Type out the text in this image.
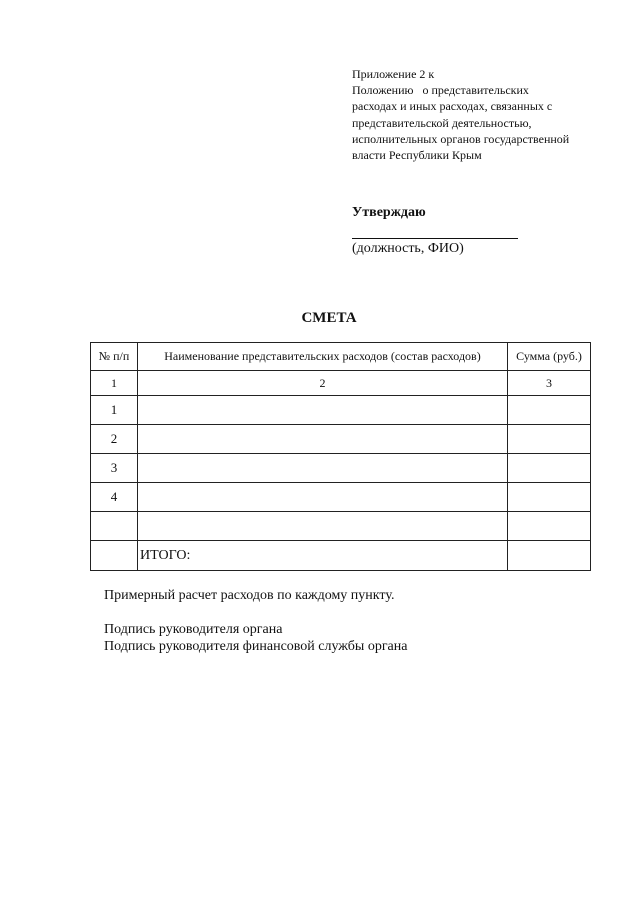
Приложение 2 к
Положению   о представительских
расходах и иных расходах, связанных с
представительской деятельностью,
исполнительных органов государственной
власти Республики Крым
Утверждаю
(должность, ФИО)
СМЕТА
№ п/п	Наименование представительских расходов (состав расходов)	Сумма (руб.)
1	2	3
1		
2		
3		
4		

	ИТОГО:	
Примерный расчет расходов по каждому пункту.
Подпись руководителя органа
Подпись руководителя финансовой службы органа
